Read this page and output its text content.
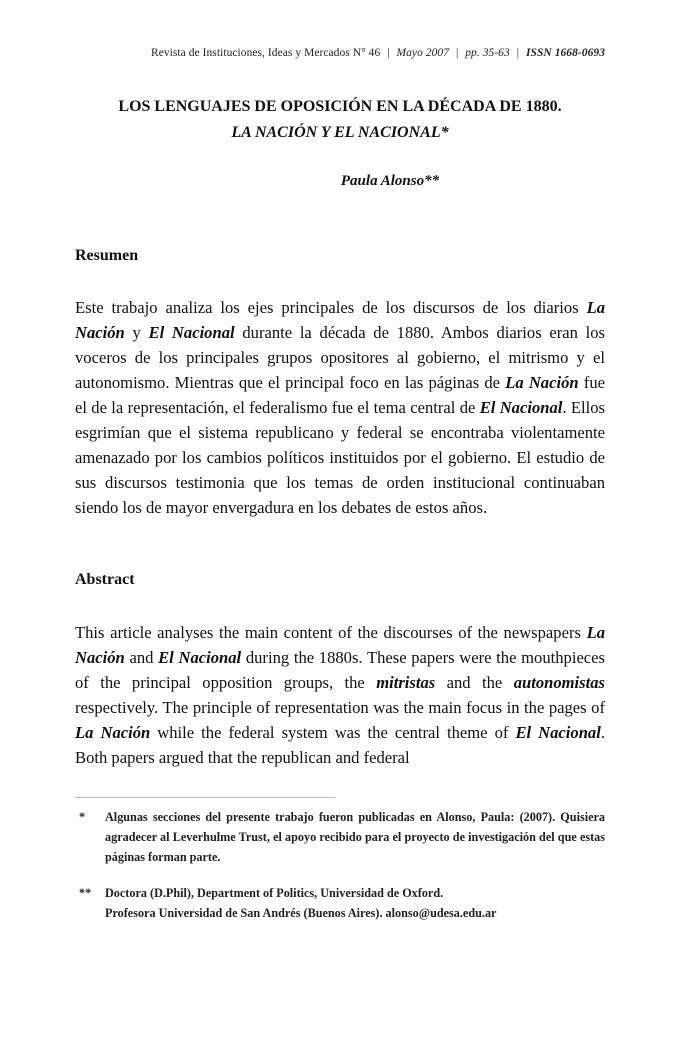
Revista de Instituciones, Ideas y Mercados N° 46 | Mayo 2007 | pp. 35-63 | ISSN 1668-0693
LOS LENGUAJES DE OPOSICIÓN EN LA DÉCADA DE 1880.
LA NACIÓN Y EL NACIONAL*
Paula Alonso**
Resumen
Este trabajo analiza los ejes principales de los discursos de los diarios La Nación y El Nacional durante la década de 1880. Ambos diarios eran los voceros de los principales grupos opositores al gobierno, el mitrismo y el autonomismo. Mientras que el principal foco en las páginas de La Nación fue el de la representación, el federalismo fue el tema central de El Nacional. Ellos esgrimían que el sistema republicano y federal se encontraba violentamente amenazado por los cambios políticos instituidos por el gobierno. El estudio de sus discursos testimonia que los temas de orden institucional continuaban siendo los de mayor envergadura en los debates de estos años.
Abstract
This article analyses the main content of the discourses of the newspapers La Nación and El Nacional during the 1880s. These papers were the mouthpieces of the principal opposition groups, the mitristas and the autonomistas respectively. The principle of representation was the main focus in the pages of La Nación while the federal system was the central theme of El Nacional. Both papers argued that the republican and federal
*	Algunas secciones del presente trabajo fueron publicadas en Alonso, Paula: (2007). Quisiera agradecer al Leverhulme Trust, el apoyo recibido para el proyecto de investigación del que estas páginas forman parte.
**	Doctora (D.Phil), Department of Politics, Universidad de Oxford.
Profesora Universidad de San Andrés (Buenos Aires). alonso@udesa.edu.ar
